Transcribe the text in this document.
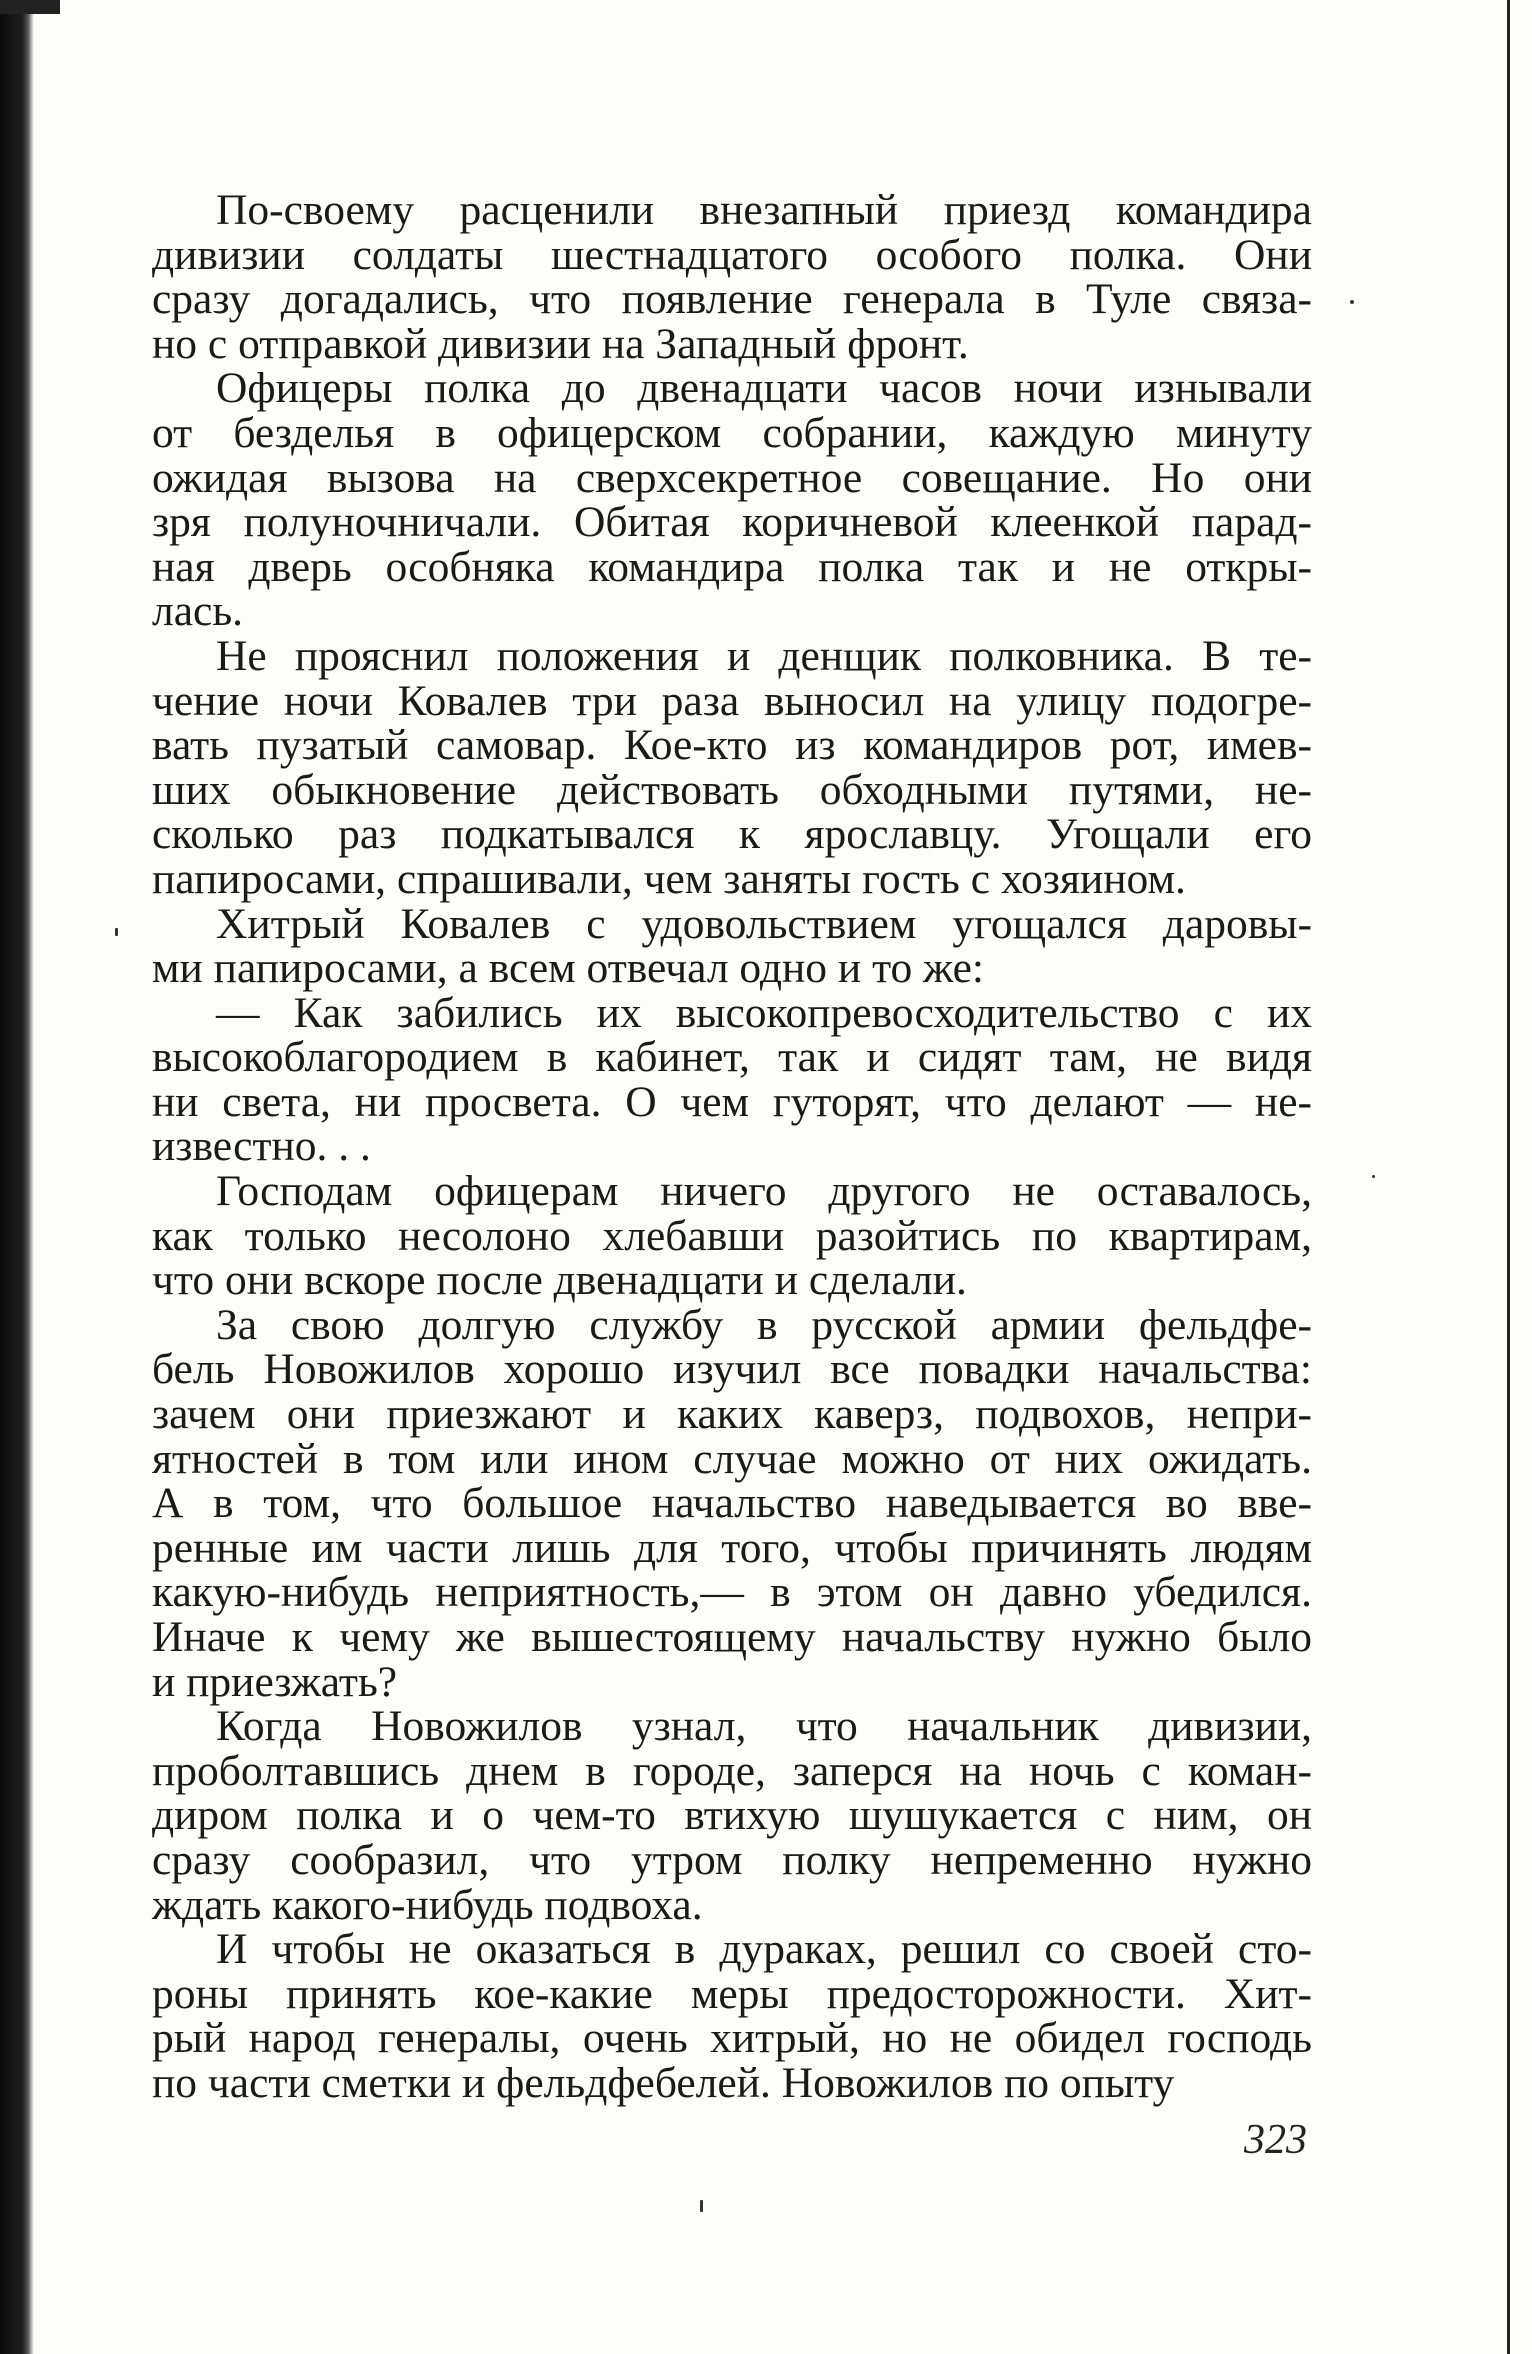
По-своему расценили внезапный приезд командира
дивизии солдаты шестнадцатого особого полка. Они
сразу догадались, что появление генерала в Туле связа-
но с отправкой дивизии на Западный фронт.

Офицеры полка до двенадцати часов ночи изнывали
от безделья в офицерском собрании, каждую минуту
ожидая вызова на сверхсекретное совещание. Но они
зря полуночничали. Обитая коричневой клеенкой парад-
ная дверь особняка командира полка так и не откры-
лась.

Не прояснил положения и денщик полковника. В те-
чение ночи Ковалев три раза выносил на улицу подогре-
вать пузатый самовар. Кое-кто из командиров рот, имев-
ших обыкновение действовать обходными путями, не-
сколько раз подкатывался к ярославцу. Угощали его
папиросами, спрашивали, чем заняты гость с хозяином.

Хитрый Ковалев с удовольствием угощался даровы-
ми папиросами, а всем отвечал одно и то же:

— Как забились их высокопревосходительство с их
высокоблагородием в кабинет, так и сидят там, не видя
ни света, ни просвета. О чем гуторят, что делают — не-
известно. . .

Господам офицерам ничего другого не оставалось,
как только несолоно хлебавши разойтись по квартирам,
что они вскоре после двенадцати и сделали.

За свою долгую службу в русской армии фельдфе-
бель Новожилов хорошо изучил все повадки начальства:
зачем они приезжают и каких каверз, подвохов, непри-
ятностей в том или ином случае можно от них ожидать.
А в том, что большое начальство наведывается во вве-
ренные им части лишь для того, чтобы причинять людям
какую-нибудь неприятность,— в этом он давно убедился.
Иначе к чему же вышестоящему начальству нужно было
и приезжать?

Когда Новожилов узнал, что начальник дивизии,
проболтавшись днем в городе, заперся на ночь с коман-
диром полка и о чем-то втихую шушукается с ним, он
сразу сообразил, что утром полку непременно нужно
ждать какого-нибудь подвоха.

И чтобы не оказаться в дураках, решил со своей сто-
роны принять кое-какие меры предосторожности. Хит-
рый народ генералы, очень хитрый, но не обидел господь
по части сметки и фельдфебелей. Новожилов по опыту

323
